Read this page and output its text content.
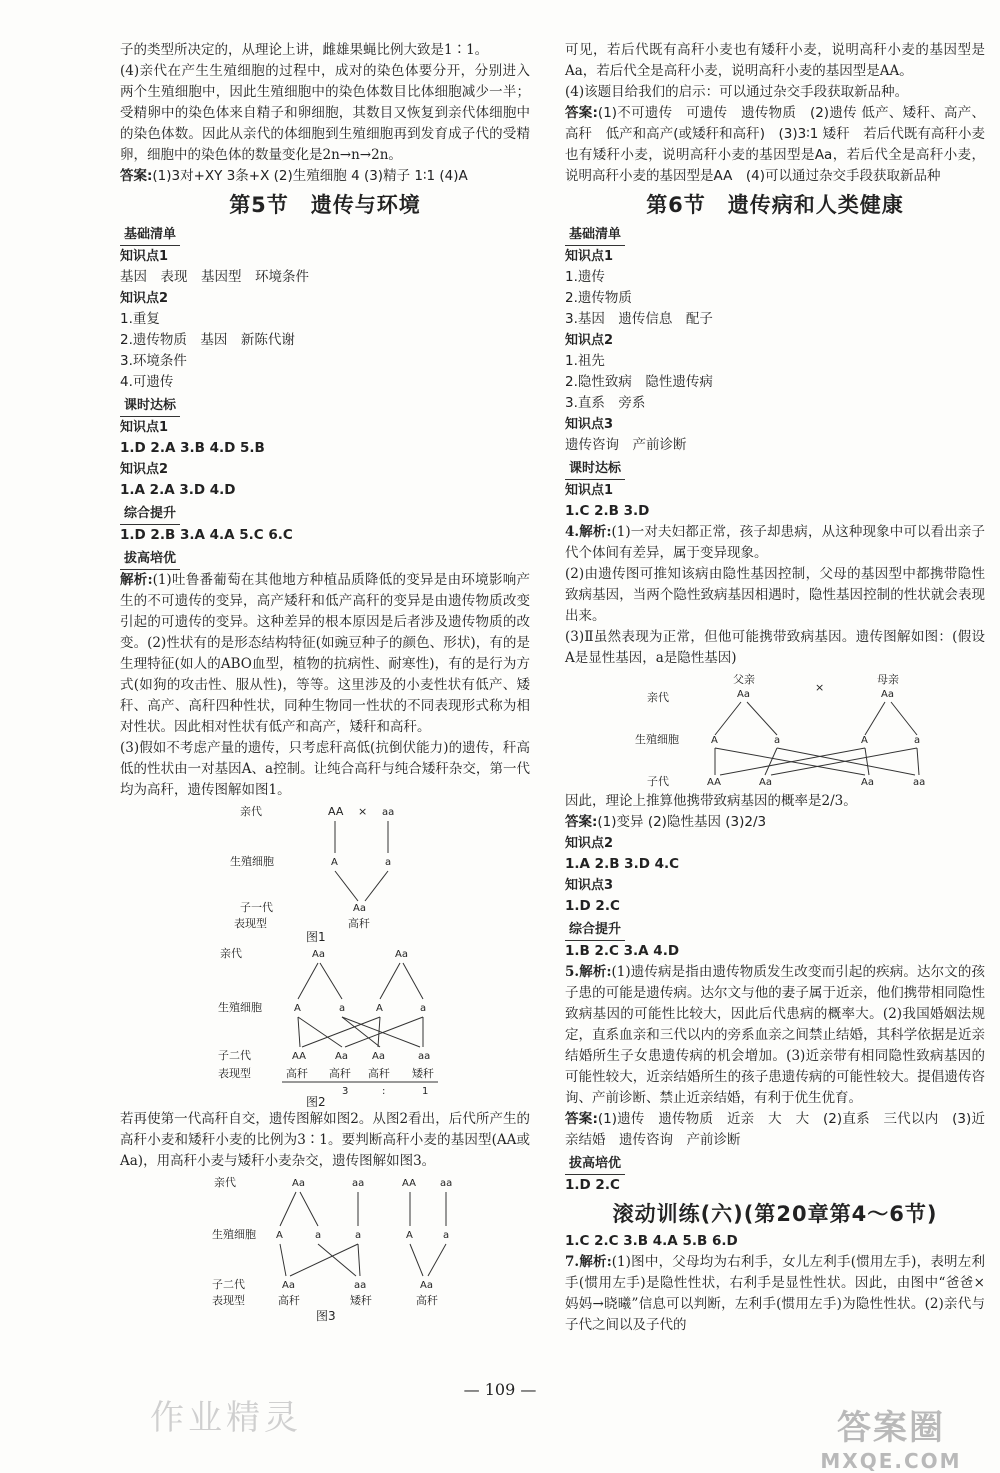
子的类型所决定的，从理论上讲，雌雄果蝇比例大致是1∶1。

(4)亲代在产生生殖细胞的过程中，成对的染色体要分开，分别进入两个生殖细胞中，因此生殖细胞中的染色体数目比体细胞减少一半；受精卵中的染色体来自精子和卵细胞，其数目又恢复到亲代体细胞中的染色体数。因此从亲代的体细胞到生殖细胞再到发育成子代的受精卵，细胞中的染色体的数量变化是2n→n→2n。

答案:(1)3对+XY 3条+X (2)生殖细胞 4 (3)精子 1∶1 (4)A

第5节　遗传与环境
基础清单
知识点1
基因　表现　基因型　环境条件
知识点2
1.重复
2.遗传物质　基因　新陈代谢
3.环境条件
4.可遗传
课时达标
知识点1
1.D 2.A 3.B 4.D 5.B
知识点2
1.A 2.A 3.D 4.D
综合提升
1.D 2.B 3.A 4.A 5.C 6.C
拔高培优

解析:(1)吐鲁番葡萄在其他地方种植品质降低的变异是由环境影响产生的不可遗传的变异，高产矮秆和低产高秆的变异是由遗传物质改变引起的可遗传的变异。这种差异的根本原因是后者涉及遗传物质的改变。(2)性状有的是形态结构特征(如豌豆种子的颜色、形状)，有的是生理特征(如人的ABO血型，植物的抗病性、耐寒性)，有的是行为方式(如狗的攻击性、服从性)，等等。这里涉及的小麦性状有低产、矮秆、高产、高秆四种性状，同种生物同一性状的不同表现形式称为相对性状。因此相对性状有低产和高产，矮秆和高秆。

(3)假如不考虑产量的遗传，只考虑秆高低(抗倒伏能力)的遗传，秆高低的性状由一对基因A、a控制。让纯合高秆与纯合矮秆杂交，第一代均为高秆，遗传图解如图1。

亲代	AA × aa
生殖细胞	A	a
子一代	Aa
表现型	高秆
图1
亲代	Aa	Aa
生殖细胞	A	a	A	a
子二代	AA	Aa Aa	aa
表现型	高秆 高秆 高秆 矮秆
3	:	1
图2

若再使第一代高秆自交，遗传图解如图2。从图2看出，后代所产生的高秆小麦和矮秆小麦的比例为3∶1。要判断高秆小麦的基因型(AA或Aa)，用高秆小麦与矮秆小麦杂交，遗传图解如图3。

亲代	Aa	aa	AA aa
生殖细胞 A	a	a	A	a
子二代	Aa	aa	Aa
表现型	高秆	矮秆	高秆
图3

可见，若后代既有高秆小麦也有矮秆小麦，说明高秆小麦的基因型是Aa，若后代全是高秆小麦，说明高秆小麦的基因型是AA。

(4)该题目给我们的启示：可以通过杂交手段获取新品种。

答案:(1)不可遗传　可遗传　遗传物质　(2)遗传 低产、矮秆、高产、高秆　低产和高产(或矮秆和高秆)　(3)3∶1 矮秆　若后代既有高秆小麦也有矮秆小麦，说明高秆小麦的基因型是Aa，若后代全是高秆小麦，说明高秆小麦的基因型是AA　(4)可以通过杂交手段获取新品种

第6节　遗传病和人类健康
基础清单
知识点1
1.遗传
2.遗传物质
3.基因　遗传信息　配子
知识点2
1.祖先
2.隐性致病　隐性遗传病
3.直系　旁系
知识点3
遗传咨询　产前诊断
课时达标
知识点1
1.C 2.B 3.D

4.解析:(1)一对夫妇都正常，孩子却患病，从这种现象中可以看出亲子代个体间有差异，属于变异现象。

(2)由遗传图可推知该病由隐性基因控制，父母的基因型中都携带隐性致病基因，当两个隐性致病基因相遇时，隐性基因控制的性状就会表现出来。

(3)Ⅱ虽然表现为正常，但他可能携带致病基因。遗传图解如图：(假设A是显性基因，a是隐性基因)

父亲
×
母亲
Aa	Aa
亲代
生殖细胞	A	a	A	a
子代	AA	Aa	Aa	aa

因此，理论上推算他携带致病基因的概率是2/3。

答案:(1)变异 (2)隐性基因 (3)2/3

知识点2
1.A 2.B 3.D 4.C
知识点3
1.D 2.C
综合提升
1.B 2.C 3.A 4.D

5.解析:(1)遗传病是指由遗传物质发生改变而引起的疾病。达尔文的孩子患的可能是遗传病。达尔文与他的妻子属于近亲，他们携带相同隐性致病基因的可能性比较大，因此后代患病的概率大。(2)我国婚姻法规定，直系血亲和三代以内的旁系血亲之间禁止结婚，其科学依据是近亲结婚所生子女患遗传病的机会增加。(3)近亲带有相同隐性致病基因的可能性较大，近亲结婚所生的孩子患遗传病的可能性较大。提倡遗传咨询、产前诊断、禁止近亲结婚，有利于优生优育。

答案:(1)遗传　遗传物质　近亲　大　大　(2)直系　三代以内　(3)近亲结婚　遗传咨询　产前诊断

拔高培优
1.D 2.C
滚动训练(六)(第20章第4～6节)
1.C 2.C 3.B 4.A 5.B 6.D

7.解析:(1)图中，父母均为右利手，女儿左利手(惯用左手)，表明左利手(惯用左手)是隐性性状，右利手是显性性状。因此，由图中“爸爸×妈妈→晓曦”信息可以判断，左利手(惯用左手)为隐性性状。(2)亲代与子代之间以及子代的

— 109 —
作业精灵	答案圈
MXQE.COM
